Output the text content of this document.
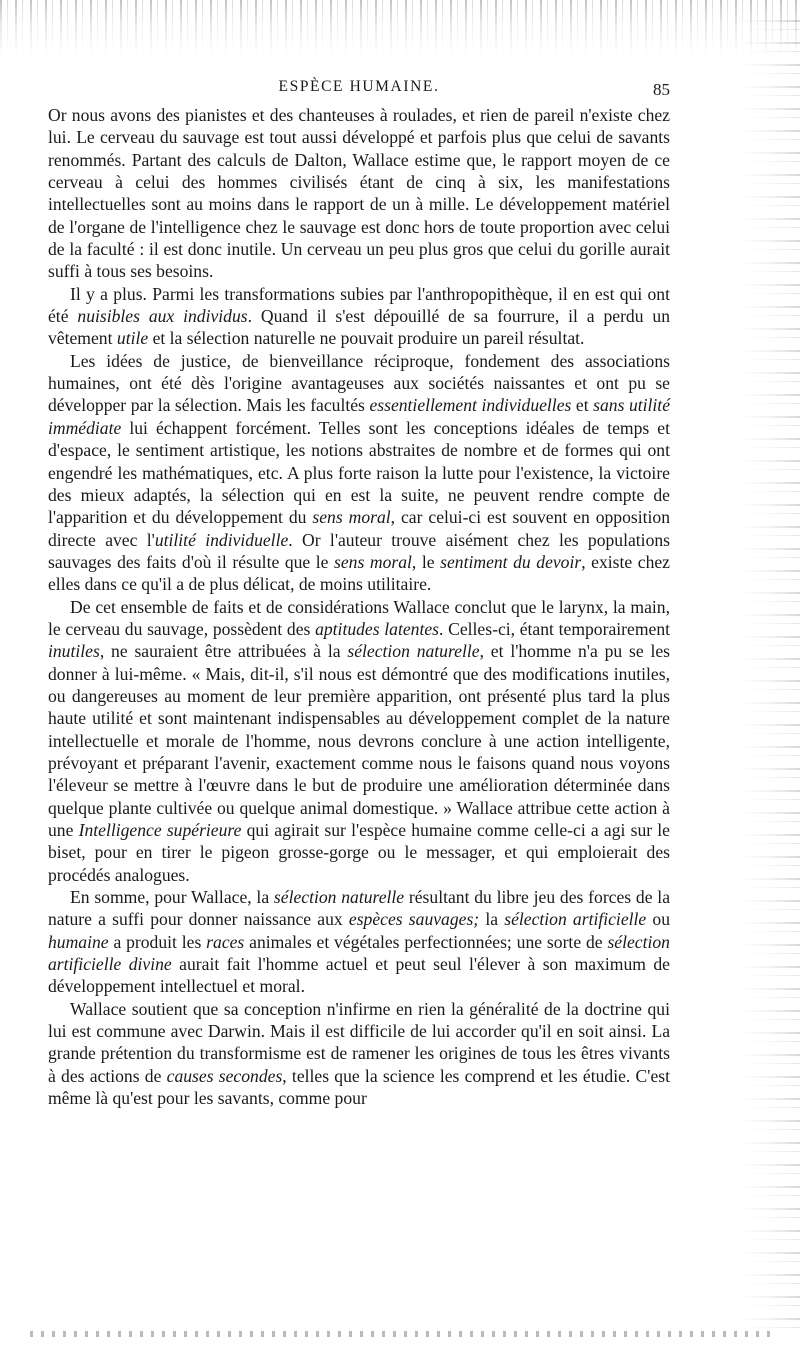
ESPÈCE HUMAINE.	85

Or nous avons des pianistes et des chanteuses à roulades, et rien de pareil n'existe chez lui. Le cerveau du sauvage est tout aussi développé et parfois plus que celui de savants renommés. Partant des calculs de Dalton, Wallace estime que, le rapport moyen de ce cerveau à celui des hommes civilisés étant de cinq à six, les manifestations intellectuelles sont au moins dans le rapport de un à mille. Le développement matériel de l'organe de l'intelligence chez le sauvage est donc hors de toute proportion avec celui de la faculté : il est donc inutile. Un cerveau un peu plus gros que celui du gorille aurait suffi à tous ses besoins.

Il y a plus. Parmi les transformations subies par l'anthropopithèque, il en est qui ont été nuisibles aux individus. Quand il s'est dépouillé de sa fourrure, il a perdu un vêtement utile et la sélection naturelle ne pouvait produire un pareil résultat.

Les idées de justice, de bienveillance réciproque, fondement des associations humaines, ont été dès l'origine avantageuses aux sociétés naissantes et ont pu se développer par la sélection. Mais les facultés essentiellement individuelles et sans utilité immédiate lui échappent forcément. Telles sont les conceptions idéales de temps et d'espace, le sentiment artistique, les notions abstraites de nombre et de formes qui ont engendré les mathématiques, etc. A plus forte raison la lutte pour l'existence, la victoire des mieux adaptés, la sélection qui en est la suite, ne peuvent rendre compte de l'apparition et du développement du sens moral, car celui-ci est souvent en opposition directe avec l'utilité individuelle. Or l'auteur trouve aisément chez les populations sauvages des faits d'où il résulte que le sens moral, le sentiment du devoir, existe chez elles dans ce qu'il a de plus délicat, de moins utilitaire.

De cet ensemble de faits et de considérations Wallace conclut que le larynx, la main, le cerveau du sauvage, possèdent des aptitudes latentes. Celles-ci, étant temporairement inutiles, ne sauraient être attribuées à la sélection naturelle, et l'homme n'a pu se les donner à lui-même. « Mais, dit-il, s'il nous est démontré que des modifications inutiles, ou dangereuses au moment de leur première apparition, ont présenté plus tard la plus haute utilité et sont maintenant indispensables au développement complet de la nature intellectuelle et morale de l'homme, nous devrons conclure à une action intelligente, prévoyant et préparant l'avenir, exactement comme nous le faisons quand nous voyons l'éleveur se mettre à l'œuvre dans le but de produire une amélioration déterminée dans quelque plante cultivée ou quelque animal domestique. » Wallace attribue cette action à une Intelligence supérieure qui agirait sur l'espèce humaine comme celle-ci a agi sur le biset, pour en tirer le pigeon grosse-gorge ou le messager, et qui emploierait des procédés analogues.

En somme, pour Wallace, la sélection naturelle résultant du libre jeu des forces de la nature a suffi pour donner naissance aux espèces sauvages; la sélection artificielle ou humaine a produit les races animales et végétales perfectionnées; une sorte de sélection artificielle divine aurait fait l'homme actuel et peut seul l'élever à son maximum de développement intellectuel et moral.

Wallace soutient que sa conception n'infirme en rien la généralité de la doctrine qui lui est commune avec Darwin. Mais il est difficile de lui accorder qu'il en soit ainsi. La grande prétention du transformisme est de ramener les origines de tous les êtres vivants à des actions de causes secondes, telles que la science les comprend et les étudie. C'est même là qu'est pour les savants, comme pour
